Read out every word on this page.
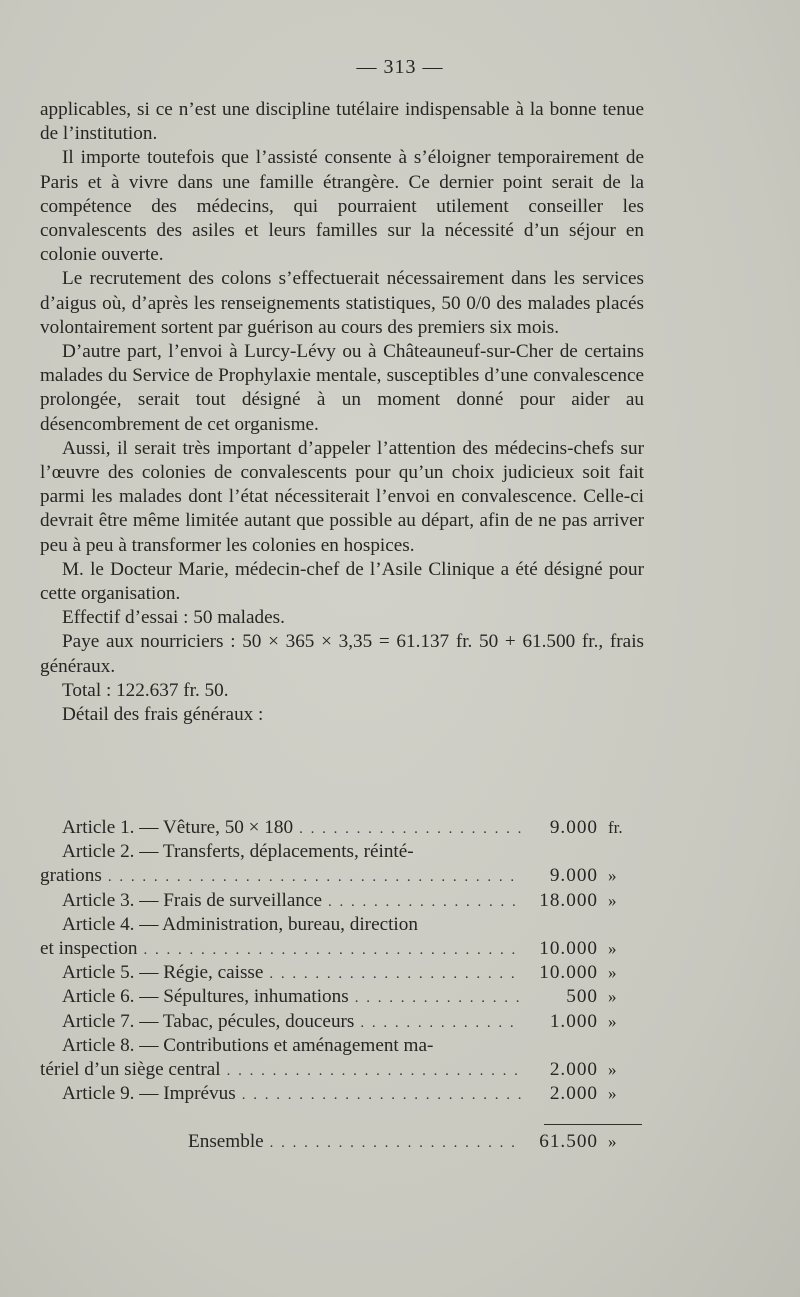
— 313 —

applicables, si ce n’est une discipline tutélaire indispensable à la bonne tenue de l’institution.

Il importe toutefois que l’assisté consente à s’éloigner temporairement de Paris et à vivre dans une famille étrangère. Ce dernier point serait de la compétence des médecins, qui pourraient utilement conseiller les convalescents des asiles et leurs familles sur la nécessité d’un séjour en colonie ouverte.

Le recrutement des colons s’effectuerait nécessairement dans les services d’aigus où, d’après les renseignements statistiques, 50 0/0 des malades placés volontairement sortent par guérison au cours des premiers six mois.

D’autre part, l’envoi à Lurcy-Lévy ou à Châteauneuf-sur-Cher de certains malades du Service de Prophylaxie mentale, susceptibles d’une convalescence prolongée, serait tout désigné à un moment donné pour aider au désencombrement de cet organisme.

Aussi, il serait très important d’appeler l’attention des médecins-chefs sur l’œuvre des colonies de convalescents pour qu’un choix judicieux soit fait parmi les malades dont l’état nécessiterait l’envoi en convalescence. Celle-ci devrait être même limitée autant que possible au départ, afin de ne pas arriver peu à peu à transformer les colonies en hospices.

M. le Docteur Marie, médecin-chef de l’Asile Clinique a été désigné pour cette organisation.

Effectif d’essai : 50 malades.

Paye aux nourriciers : 50 × 365 × 3,35 = 61.137 fr. 50 + 61.500 fr., frais généraux.

Total : 122.637 fr. 50.

Détail des frais généraux :

Article 1. — Vêture, 50 × 180 . . .	9.000 fr.
Article 2. — Transferts, déplacements, réinté-
grations . . .	9.000 »
Article 3. — Frais de surveillance . . .	18.000 »
Article 4. — Administration, bureau, direction
et inspection . . .	10.000 »
Article 5. — Régie, caisse . . .	10.000 »
Article 6. — Sépultures, inhumations . . .	500 »
Article 7. — Tabac, pécules, douceurs . . .	1.000 »
Article 8. — Contributions et aménagement ma-
tériel d’un siège central . . .	2.000 »
Article 9. — Imprévus . . .	2.000 »
Ensemble . . .	61.500 »
